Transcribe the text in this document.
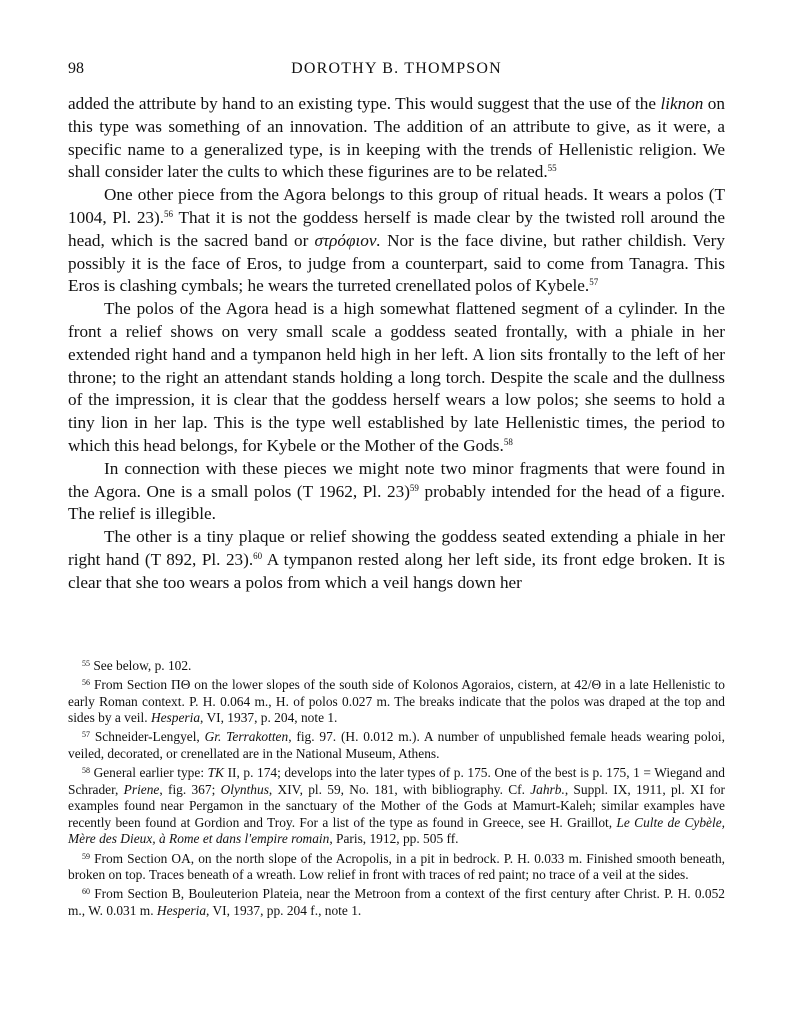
98	DOROTHY B. THOMPSON

added the attribute by hand to an existing type. This would suggest that the use of the liknon on this type was something of an innovation. The addition of an attribute to give, as it were, a specific name to a generalized type, is in keeping with the trends of Hellenistic religion. We shall consider later the cults to which these figurines are to be related.$^{55}$

One other piece from the Agora belongs to this group of ritual heads. It wears a polos (T 1004, Pl. 23).$^{56}$ That it is not the goddess herself is made clear by the twisted roll around the head, which is the sacred band or στρόφιον. Nor is the face divine, but rather childish. Very possibly it is the face of Eros, to judge from a counterpart, said to come from Tanagra. This Eros is clashing cymbals; he wears the turreted crenellated polos of Kybele.$^{57}$

The polos of the Agora head is a high somewhat flattened segment of a cylinder. In the front a relief shows on very small scale a goddess seated frontally, with a phiale in her extended right hand and a tympanon held high in her left. A lion sits frontally to the left of her throne; to the right an attendant stands holding a long torch. Despite the scale and the dullness of the impression, it is clear that the goddess herself wears a low polos; she seems to hold a tiny lion in her lap. This is the type well established by late Hellenistic times, the period to which this head belongs, for Kybele or the Mother of the Gods.$^{58}$

In connection with these pieces we might note two minor fragments that were found in the Agora. One is a small polos (T 1962, Pl. 23)$^{59}$ probably intended for the head of a figure. The relief is illegible.

The other is a tiny plaque or relief showing the goddess seated extending a phiale in her right hand (T 892, Pl. 23).$^{60}$ A tympanon rested along her left side, its front edge broken. It is clear that she too wears a polos from which a veil hangs down her

$^{55}$ See below, p. 102.

$^{56}$ From Section ΠΘ on the lower slopes of the south side of Kolonos Agoraios, cistern, at 42/Θ in a late Hellenistic to early Roman context. P. H. 0.064 m., H. of polos 0.027 m. The breaks indicate that the polos was draped at the top and sides by a veil. Hesperia, VI, 1937, p. 204, note 1.

$^{57}$ Schneider-Lengyel, Gr. Terrakotten, fig. 97. (H. 0.012 m.). A number of unpublished female heads wearing poloi, veiled, decorated, or crenellated are in the National Museum, Athens.

$^{58}$ General earlier type: TK II, p. 174; develops into the later types of p. 175. One of the best is p. 175, 1 = Wiegand and Schrader, Priene, fig. 367; Olynthus, XIV, pl. 59, No. 181, with bibliography. Cf. Jahrb., Suppl. IX, 1911, pl. XI for examples found near Pergamon in the sanctuary of the Mother of the Gods at Mamurt-Kaleh; similar examples have recently been found at Gordion and Troy. For a list of the type as found in Greece, see H. Graillot, Le Culte de Cybèle, Mère des Dieux, à Rome et dans l'empire romain, Paris, 1912, pp. 505 ff.

$^{59}$ From Section OA, on the north slope of the Acropolis, in a pit in bedrock. P. H. 0.033 m. Finished smooth beneath, broken on top. Traces beneath of a wreath. Low relief in front with traces of red paint; no trace of a veil at the sides.

$^{60}$ From Section B, Bouleuterion Plateia, near the Metroon from a context of the first century after Christ. P. H. 0.052 m., W. 0.031 m. Hesperia, VI, 1937, pp. 204 f., note 1.
